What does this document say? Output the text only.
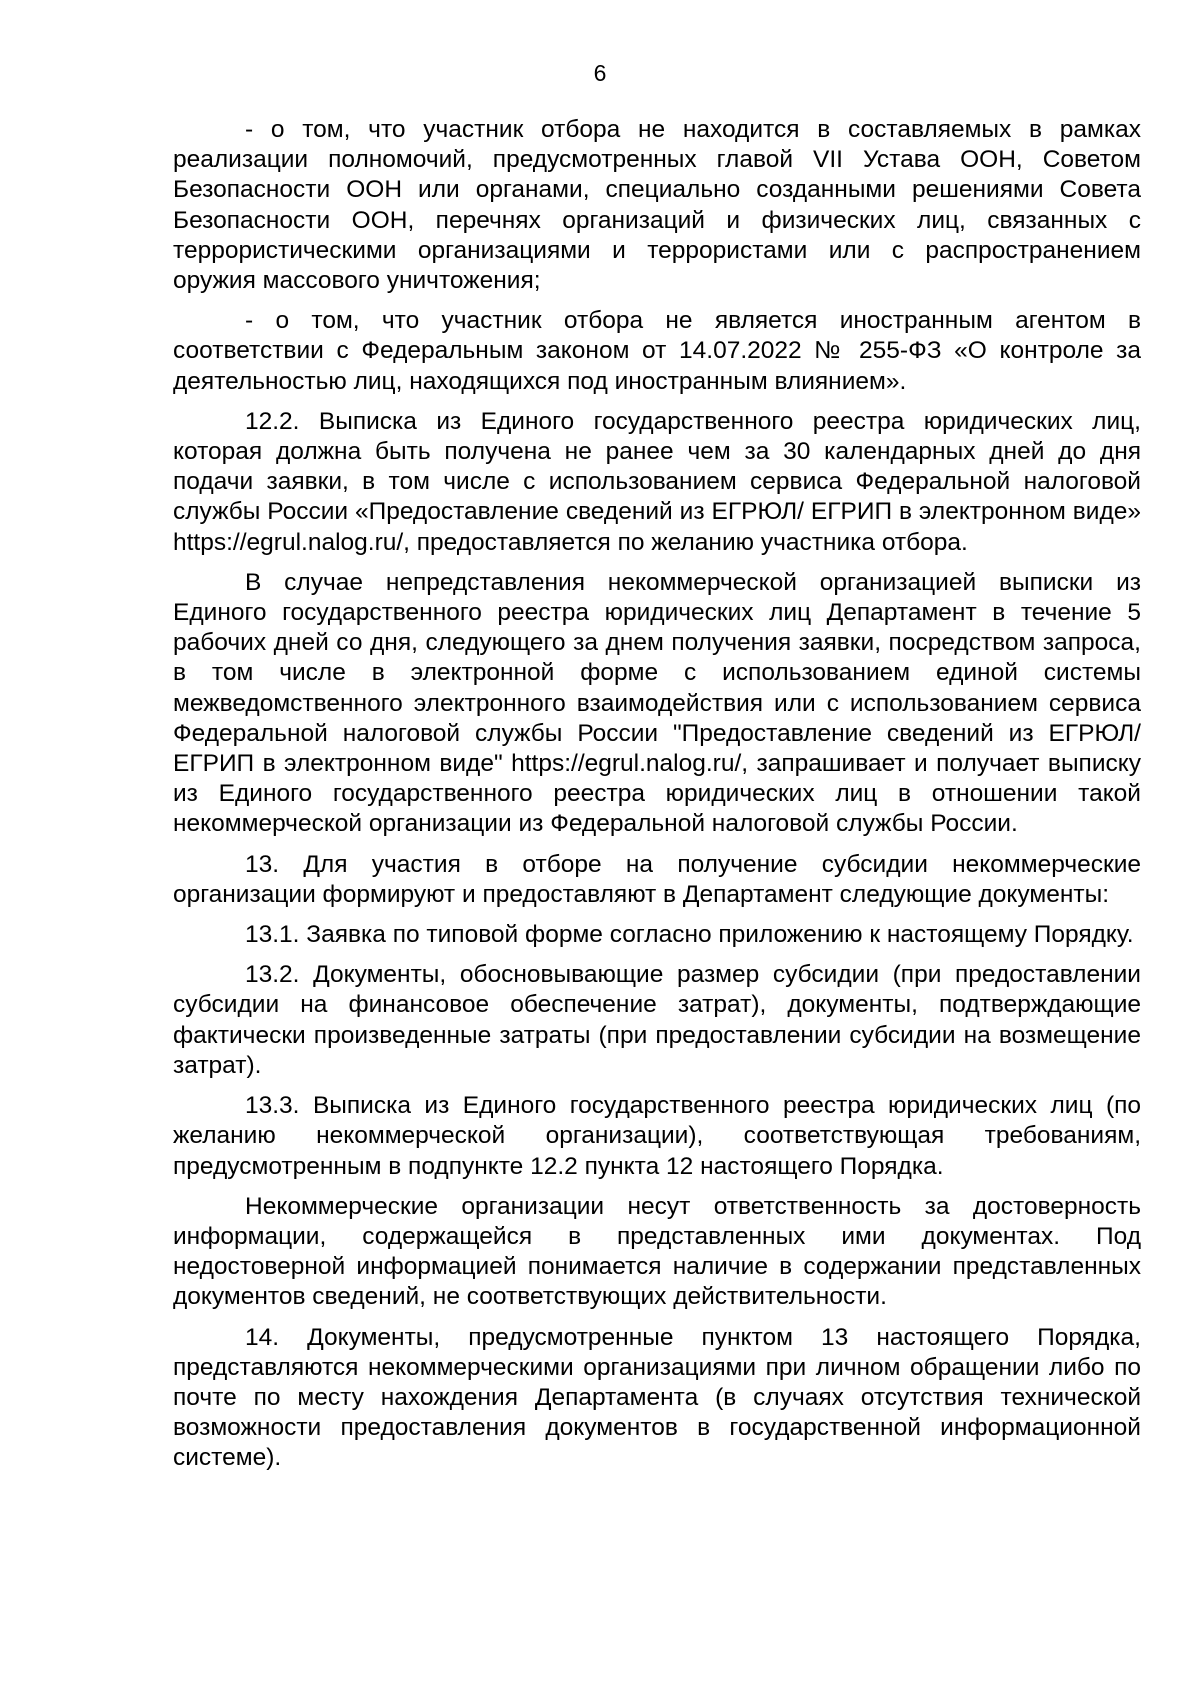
6

- о том, что участник отбора не находится в составляемых в рамках реализации полномочий, предусмотренных главой VII Устава ООН, Советом Безопасности ООН или органами, специально созданными решениями Совета Безопасности ООН, перечнях организаций и физических лиц, связанных с террористическими организациями и террористами или с распространением оружия массового уничтожения;

- о том, что участник отбора не является иностранным агентом в соответствии с Федеральным законом от 14.07.2022 № 255-ФЗ «О контроле за деятельностью лиц, находящихся под иностранным влиянием».

12.2. Выписка из Единого государственного реестра юридических лиц, которая должна быть получена не ранее чем за 30 календарных дней до дня подачи заявки, в том числе с использованием сервиса Федеральной налоговой службы России «Предоставление сведений из ЕГРЮЛ/ ЕГРИП в электронном виде» https://egrul.nalog.ru/, предоставляется по желанию участника отбора.

В случае непредставления некоммерческой организацией выписки из Единого государственного реестра юридических лиц Департамент в течение 5 рабочих дней со дня, следующего за днем получения заявки, посредством запроса, в том числе в электронной форме с использованием единой системы межведомственного электронного взаимодействия или с использованием сервиса Федеральной налоговой службы России "Предоставление сведений из ЕГРЮЛ/ ЕГРИП в электронном виде" https://egrul.nalog.ru/, запрашивает и получает выписку из Единого государственного реестра юридических лиц в отношении такой некоммерческой организации из Федеральной налоговой службы России.

13. Для участия в отборе на получение субсидии некоммерческие организации формируют и предоставляют в Департамент следующие документы:

13.1. Заявка по типовой форме согласно приложению к настоящему Порядку.

13.2. Документы, обосновывающие размер субсидии (при предоставлении субсидии на финансовое обеспечение затрат), документы, подтверждающие фактически произведенные затраты (при предоставлении субсидии на возмещение затрат).

13.3. Выписка из Единого государственного реестра юридических лиц (по желанию некоммерческой организации), соответствующая требованиям, предусмотренным в подпункте 12.2 пункта 12 настоящего Порядка.

Некоммерческие организации несут ответственность за достоверность информации, содержащейся в представленных ими документах. Под недостоверной информацией понимается наличие в содержании представленных документов сведений, не соответствующих действительности.

14. Документы, предусмотренные пунктом 13 настоящего Порядка, представляются некоммерческими организациями при личном обращении либо по почте по месту нахождения Департамента (в случаях отсутствия технической возможности предоставления документов в государственной информационной системе).
